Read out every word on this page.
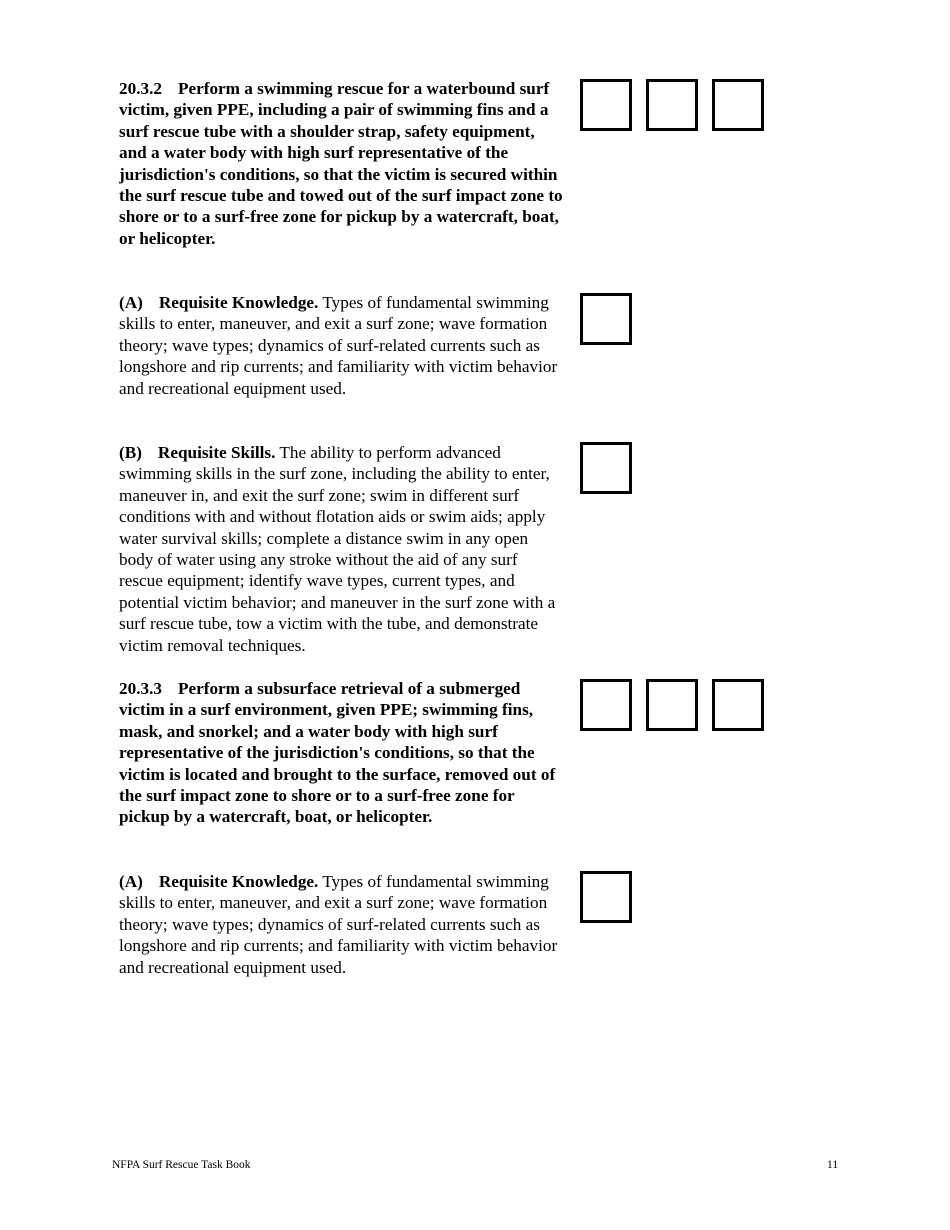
20.3.2 Perform a swimming rescue for a waterbound surf victim, given PPE, including a pair of swimming fins and a surf rescue tube with a shoulder strap, safety equipment, and a water body with high surf representative of the jurisdiction's conditions, so that the victim is secured within the surf rescue tube and towed out of the surf impact zone to shore or to a surf-free zone for pickup by a watercraft, boat, or helicopter.
(A) Requisite Knowledge. Types of fundamental swimming skills to enter, maneuver, and exit a surf zone; wave formation theory; wave types; dynamics of surf-related currents such as longshore and rip currents; and familiarity with victim behavior and recreational equipment used.
(B) Requisite Skills. The ability to perform advanced swimming skills in the surf zone, including the ability to enter, maneuver in, and exit the surf zone; swim in different surf conditions with and without flotation aids or swim aids; apply water survival skills; complete a distance swim in any open body of water using any stroke without the aid of any surf rescue equipment; identify wave types, current types, and potential victim behavior; and maneuver in the surf zone with a surf rescue tube, tow a victim with the tube, and demonstrate victim removal techniques.
20.3.3 Perform a subsurface retrieval of a submerged victim in a surf environment, given PPE; swimming fins, mask, and snorkel; and a water body with high surf representative of the jurisdiction's conditions, so that the victim is located and brought to the surface, removed out of the surf impact zone to shore or to a surf-free zone for pickup by a watercraft, boat, or helicopter.
(A) Requisite Knowledge. Types of fundamental swimming skills to enter, maneuver, and exit a surf zone; wave formation theory; wave types; dynamics of surf-related currents such as longshore and rip currents; and familiarity with victim behavior and recreational equipment used.
NFPA Surf Rescue Task Book	11
